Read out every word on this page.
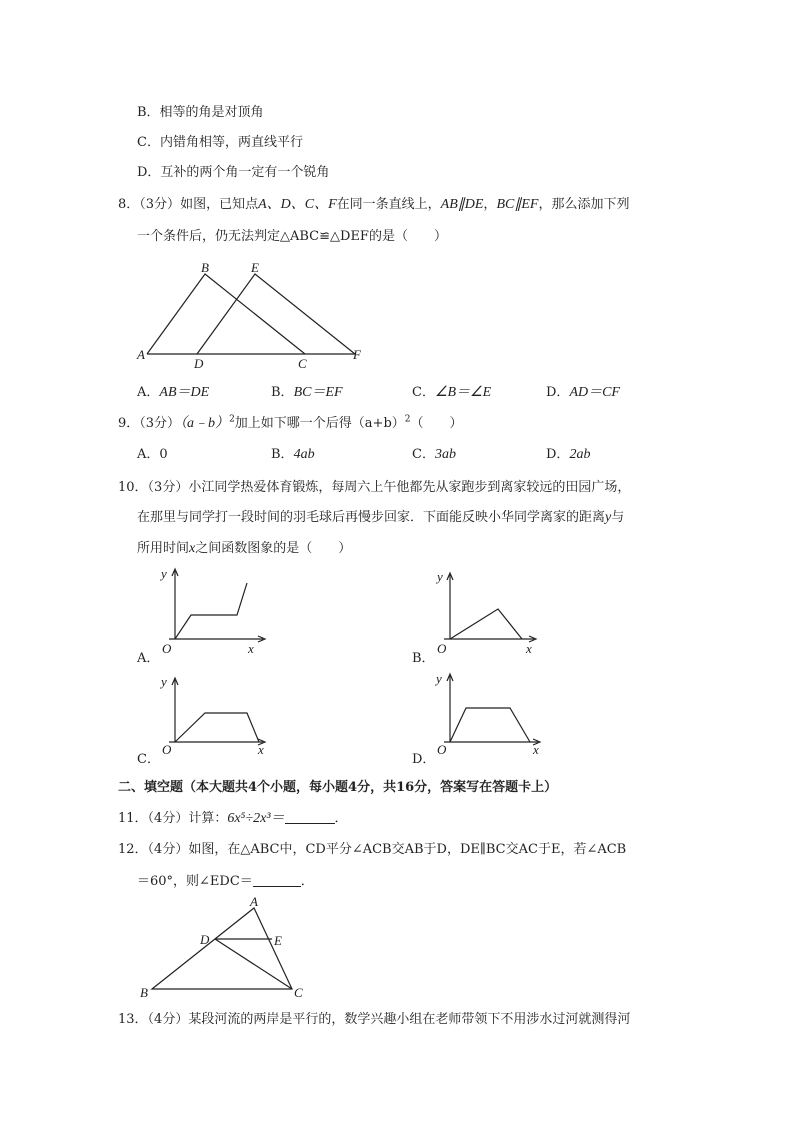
B．相等的角是对顶角
C．内错角相等，两直线平行
D．互补的两个角一定有一个锐角
8．（3分）如图，已知点A、D、C、F在同一条直线上，AB∥DE，BC∥EF，那么添加下列
一个条件后，仍无法判定△ABC≌△DEF的是（　　）
A
B
D
E
C
F
A．AB＝DE	B．BC＝EF	C．∠B＝∠E	D．AD＝CF
9．（3分）（a﹣b）$^2$加上如下哪一个后得$(a+b)^2$（　　）
A．0	B．4ab	C．3ab	D．2ab
10．（3分）小江同学热爱体育锻炼，每周六上午他都先从家跑步到离家较远的田园广场，
在那里与同学打一段时间的羽毛球后再慢步回家．下面能反映小华同学离家的距离y与
所用时间x之间函数图象的是（　　）
A．
y
O	x
B．
y
O	x
C．
y
O	x
D．
y
O	x
二、填空题（本大题共4个小题，每小题4分，共16分，答案写在答题卡上）
11．（4分）计算：6x⁵÷2x³＝	．
12．（4分）如图，在△ABC中，CD平分∠ACB交AB于D，DE∥BC交AC于E，若∠ACB
＝60°，则∠EDC＝	．
A
D	E
B	C
13．（4分）某段河流的两岸是平行的，数学兴趣小组在老师带领下不用涉水过河就测得河
